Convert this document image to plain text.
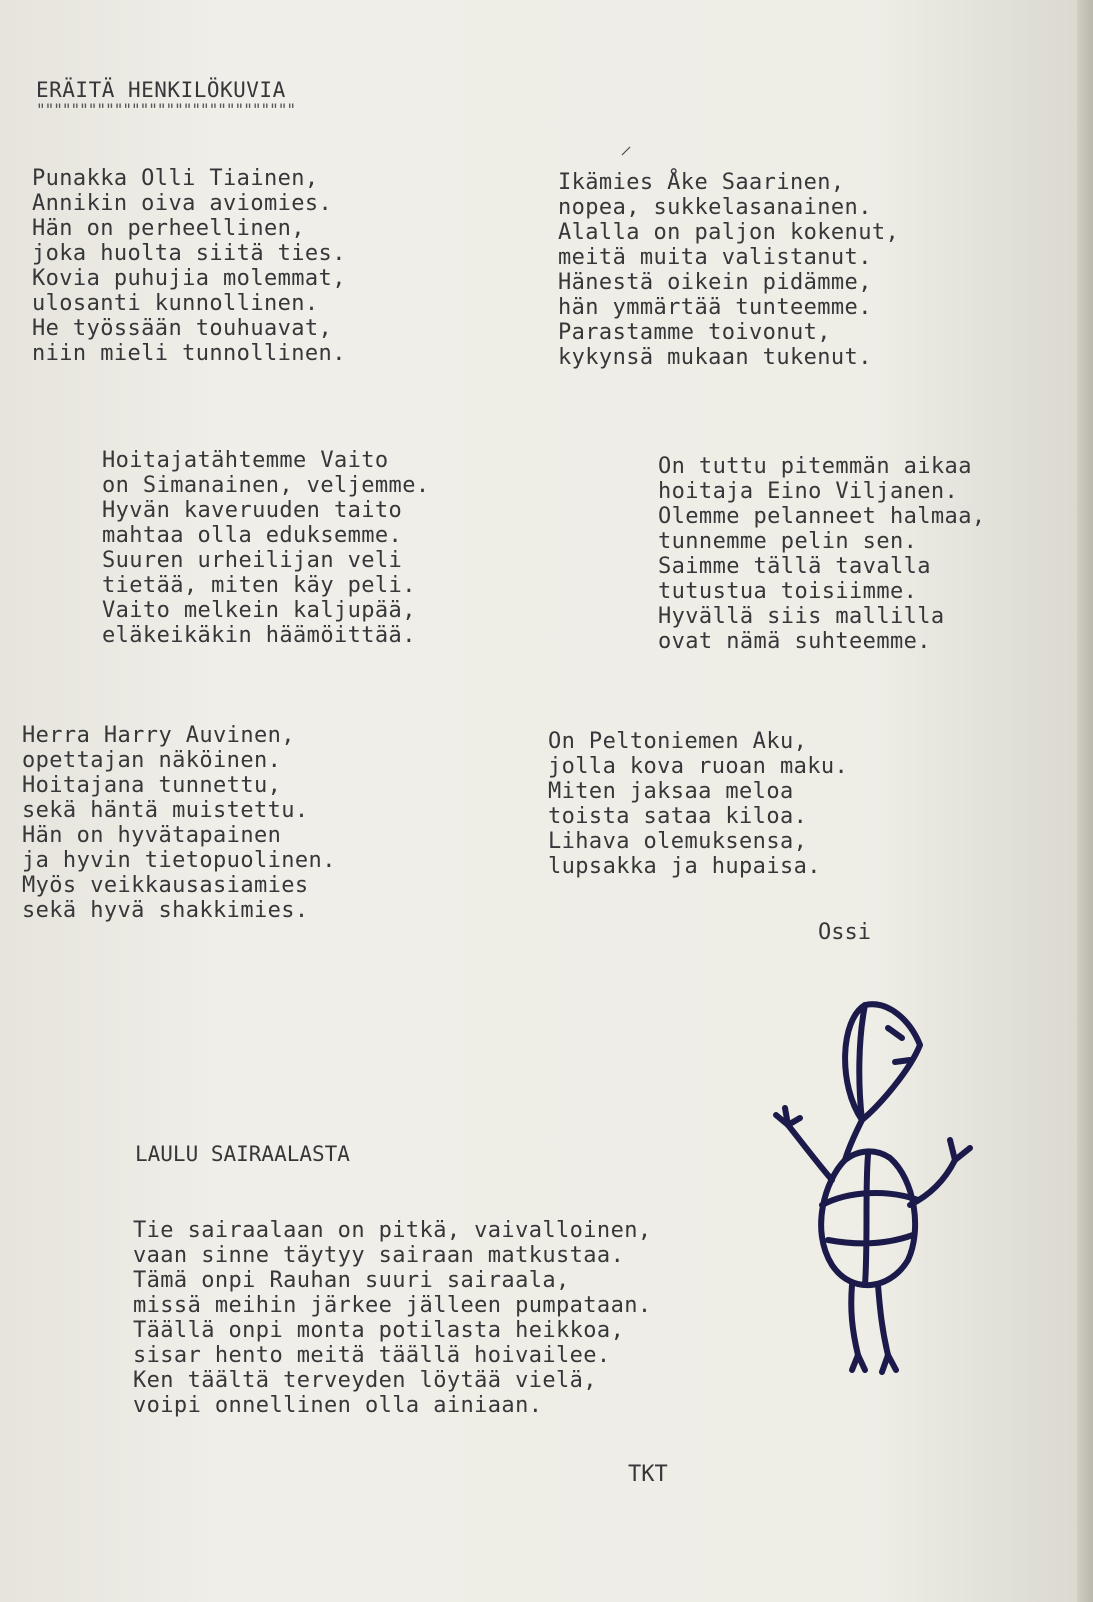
ERÄITÄ HENKILÖKUVIA
""""""""""""""""""""""""""""""
Punakka Olli Tiainen,
Annikin oiva aviomies.
Hän on perheellinen,
joka huolta siitä ties.
Kovia puhujia molemmat,
ulosanti kunnollinen.
He työssään touhuavat,
niin mieli tunnollinen.
Ikämies Åke Saarinen,
nopea, sukkelasanainen.
Alalla on paljon kokenut,
meitä muita valistanut.
Hänestä oikein pidämme,
hän ymmärtää tunteemme.
Parastamme toivonut,
kykynsä mukaan tukenut.
Hoitajatähtemme Vaito
on Simanainen, veljemme.
Hyvän kaveruuden taito
mahtaa olla eduksemme.
Suuren urheilijan veli
tietää, miten käy peli.
Vaito melkein kaljupää,
eläkeikäkin häämöittää.
On tuttu pitemmän aikaa
hoitaja Eino Viljanen.
Olemme pelanneet halmaa,
tunnemme pelin sen.
Saimme tällä tavalla
tutustua toisiimme.
Hyvällä siis mallilla
ovat nämä suhteemme.
Herra Harry Auvinen,
opettajan näköinen.
Hoitajana tunnettu,
sekä häntä muistettu.
Hän on hyvätapainen
ja hyvin tietopuolinen.
Myös veikkausasiamies
sekä hyvä shakkimies.
On Peltoniemen Aku,
jolla kova ruoan maku.
Miten jaksaa meloa
toista sataa kiloa.
Lihava olemuksensa,
lupsakka ja hupaisa.
Ossi
LAULU SAIRAALASTA
Tie sairaalaan on pitkä, vaivalloinen,
vaan sinne täytyy sairaan matkustaa.
Tämä onpi Rauhan suuri sairaala,
missä meihin järkee jälleen pumpataan.
Täällä onpi monta potilasta heikkoa,
sisar hento meitä täällä hoivailee.
Ken täältä terveyden löytää vielä,
voipi onnellinen olla ainiaan.
TKT
